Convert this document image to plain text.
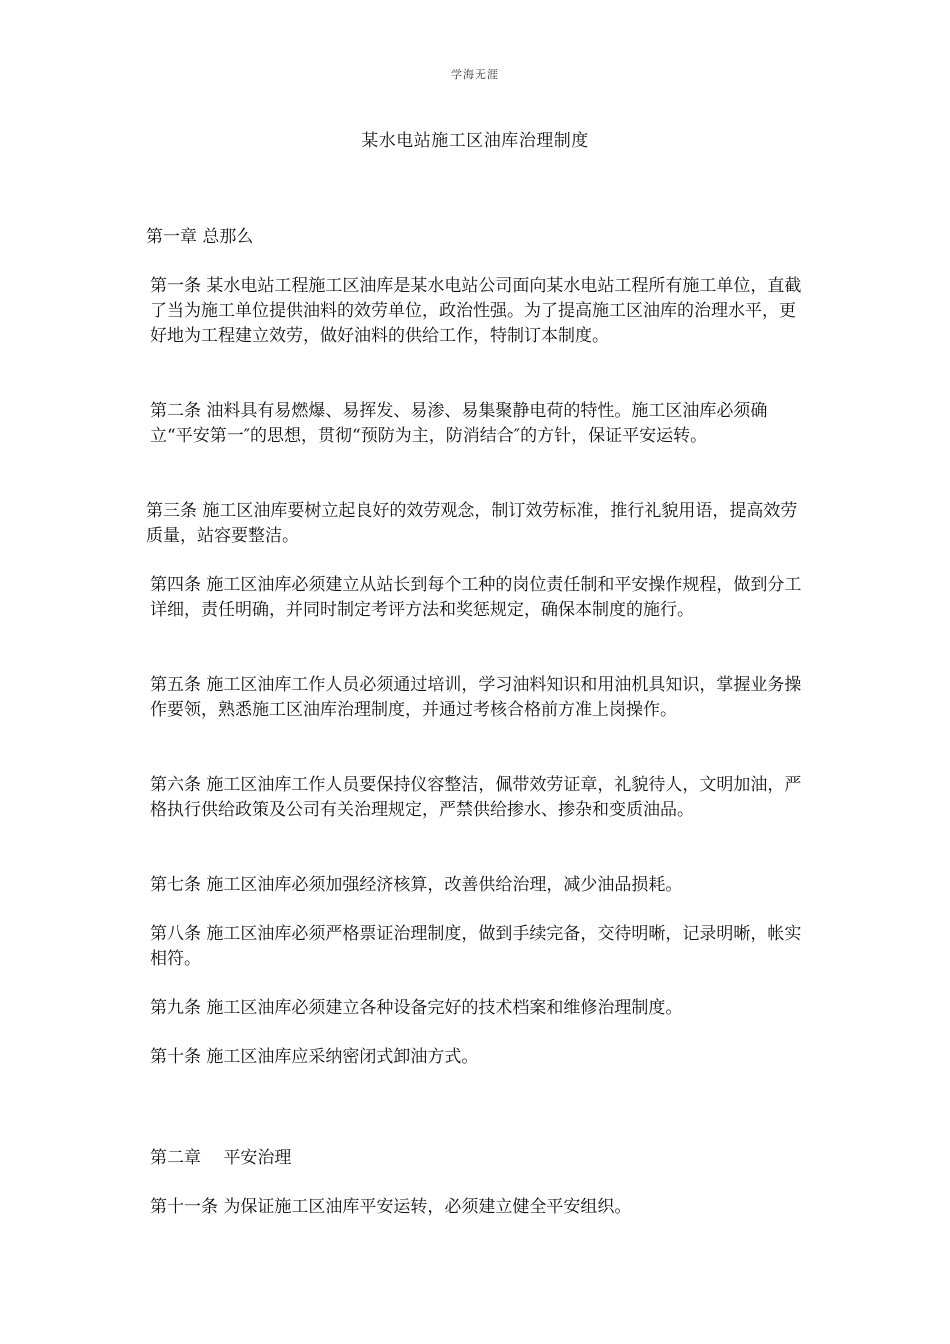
学海无涯
某水电站施工区油库治理制度
第一章 总那么
第一条 某水电站工程施工区油库是某水电站公司面向某水电站工程所有施工单位，直截了当为施工单位提供油料的效劳单位，政治性强。为了提高施工区油库的治理水平，更好地为工程建立效劳，做好油料的供给工作，特制订本制度。
第二条 油料具有易燃爆、易挥发、易渗、易集聚静电荷的特性。施工区油库必须确立“平安第一″的思想，贯彻“预防为主，防消结合″的方针，保证平安运转。
第三条 施工区油库要树立起良好的效劳观念，制订效劳标准，推行礼貌用语，提高效劳质量，站容要整洁。
第四条 施工区油库必须建立从站长到每个工种的岗位责任制和平安操作规程，做到分工详细，责任明确，并同时制定考评方法和奖惩规定，确保本制度的施行。
第五条 施工区油库工作人员必须通过培训，学习油料知识和用油机具知识，掌握业务操作要领，熟悉施工区油库治理制度，并通过考核合格前方准上岗操作。
第六条 施工区油库工作人员要保持仪容整洁，佩带效劳证章，礼貌待人，文明加油，严格执行供给政策及公司有关治理规定，严禁供给掺水、掺杂和变质油品。
第七条 施工区油库必须加强经济核算，改善供给治理，减少油品损耗。
第八条 施工区油库必须严格票证治理制度，做到手续完备，交待明晰，记录明晰，帐实相符。
第九条 施工区油库必须建立各种设备完好的技术档案和维修治理制度。
第十条 施工区油库应采纳密闭式卸油方式。
第二章　 平安治理
第十一条 为保证施工区油库平安运转，必须建立健全平安组织。
